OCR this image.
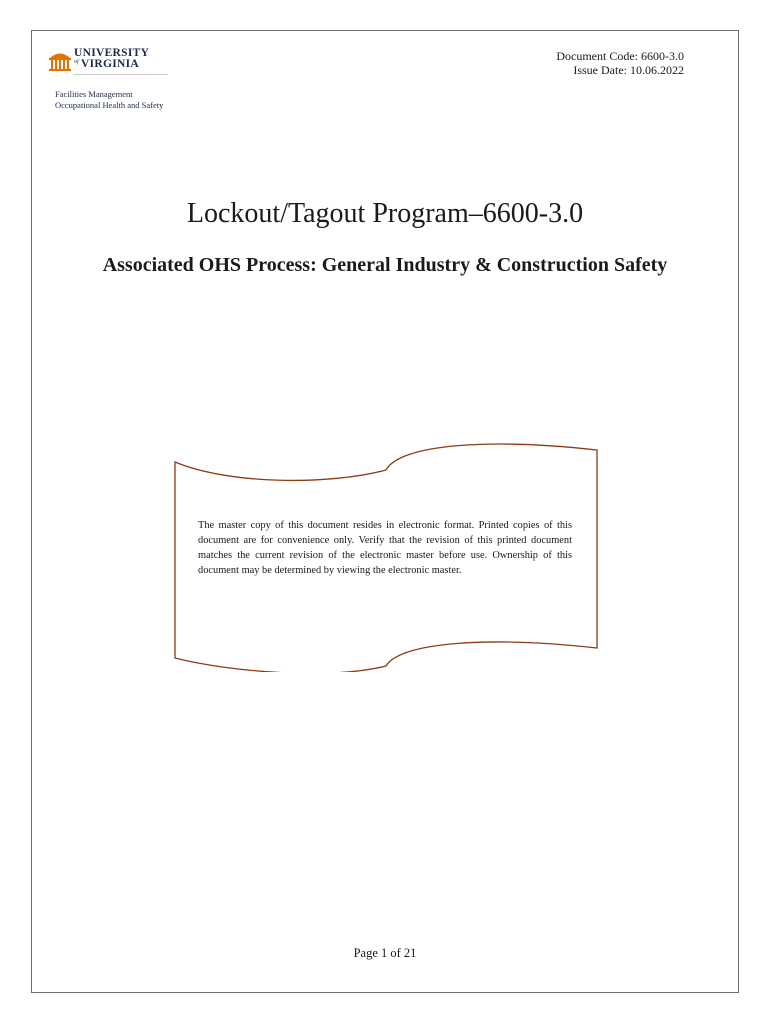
UNIVERSITY
of VIRGINIA
Facilities Management
Occupational Health and Safety
Document Code: 6600-3.0
Issue Date: 10.06.2022
Lockout/Tagout Program–6600-3.0
Associated OHS Process: General Industry & Construction Safety

The master copy of this document resides in electronic format. Printed copies of this document are for convenience only. Verify that the revision of this printed document matches the current revision of the electronic master before use. Ownership of this document may be determined by viewing the electronic master.

Page 1 of 21
